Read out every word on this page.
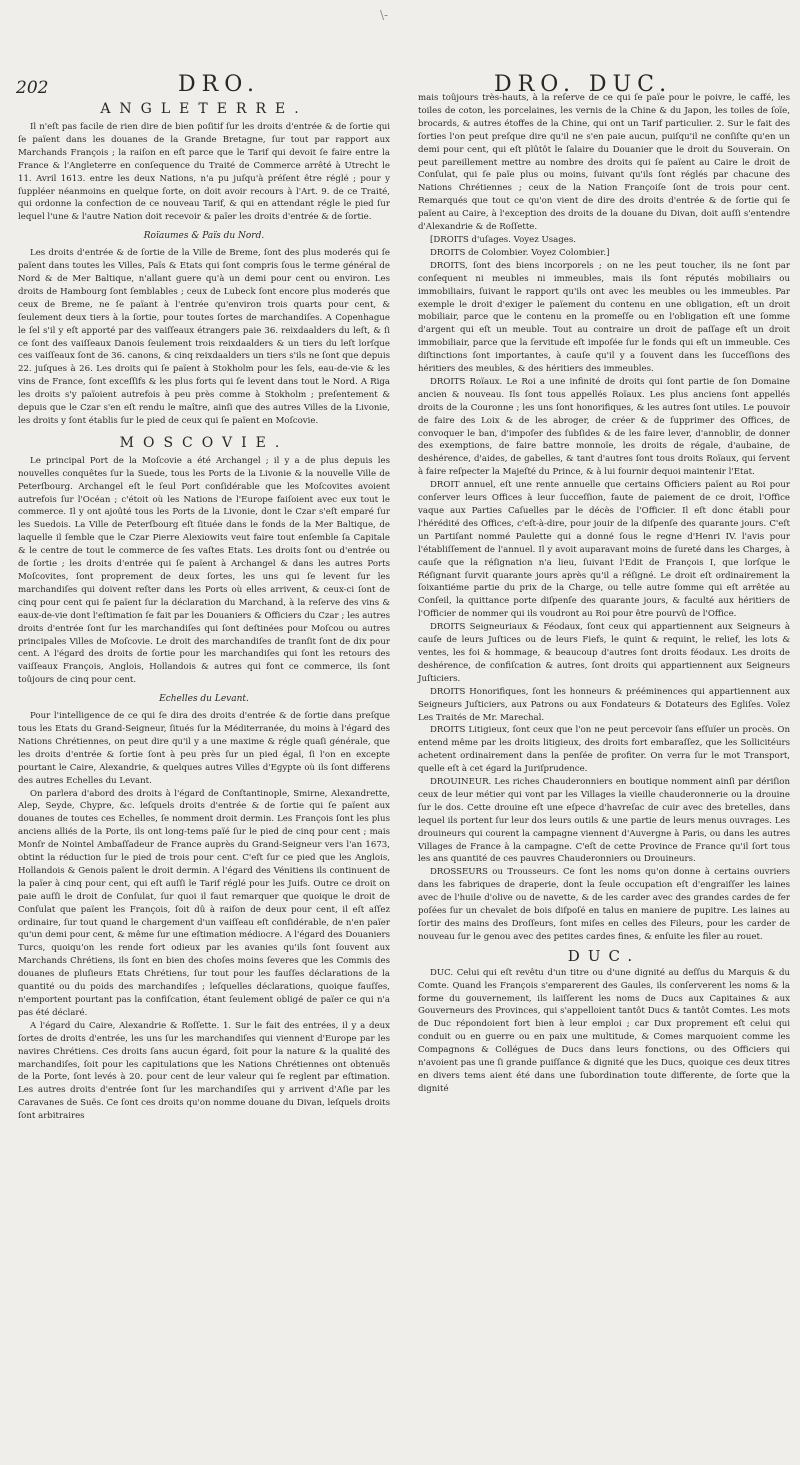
\-
202	DRO.	DRO. DUC.
ANGLETERRE.

Il n'eſt pas facile de rien dire de bien poſitif ſur les droits d'entrée & de ſortie qui ſe païent dans les douanes de la Grande Bretagne, ſur tout par rapport aux Marchands François ; la raiſon en eſt parce que le Tarif qui devoit ſe faire entre la France & l'Angleterre en conſequence du Traité de Commerce arrêté à Utrecht le 11. Avril 1613. entre les deux Nations, n'a pu juſqu'à préſent être réglé ; pour y ſuppléer néanmoins en quelque ſorte, on doit avoir recours à l'Art. 9. de ce Traité, qui ordonne la confection de ce nouveau Tarif, & qui en attendant régle le pied ſur lequel l'une & l'autre Nation doit recevoir & païer les droits d'entrée & de ſortie.

Roïaumes & Païs du Nord.

Les droits d'entrée & de ſortie de la Ville de Breme, ſont des plus moderés qui ſe païent dans toutes les Villes, Païs & Etats qui ſont compris ſous le terme général de Nord & de Mer Baltique, n'allant guere qu'à un demi pour cent ou environ. Les droits de Hambourg ſont ſemblables ; ceux de Lubeck ſont encore plus moderés que ceux de Breme, ne ſe païant à l'entrée qu'environ trois quarts pour cent, & ſeulement deux tiers à la ſortie, pour toutes ſortes de marchandiſes. A Copenhague le ſel s'il y eſt apporté par des vaiſſeaux étrangers paie 36. reixdaalders du leſt, & ſi ce ſont des vaiſſeaux Danois ſeulement trois reixdaalders & un tiers du leſt lorſque ces vaiſſeaux ſont de 36. canons, & cinq reixdaalders un tiers s'ils ne ſont que depuis 22. juſques à 26. Les droits qui ſe païent à Stokholm pour les ſels, eau-de-vie & les vins de France, ſont exceſſifs & les plus forts qui ſe levent dans tout le Nord. A Riga les droits s'y païoient autrefois à peu près comme à Stokholm ; preſentement & depuis que le Czar s'en eſt rendu le maître, ainſi que des autres Villes de la Livonie, les droits y ſont établis ſur le pied de ceux qui ſe païent en Moſcovie.

MOSCOVIE.

Le principal Port de la Moſcovie a été Archangel ; il y a de plus depuis les nouvelles conquêtes ſur la Suede, tous les Ports de la Livonie & la nouvelle Ville de Peterſbourg. Archangel eſt le ſeul Port conſidérable que les Moſcovites avoient autrefois ſur l'Océan ; c'étoit où les Nations de l'Europe faiſoient avec eux tout le commerce. Il y ont ajoûté tous les Ports de la Livonie, dont le Czar s'eſt emparé ſur les Suedois. La Ville de Peterſbourg eſt ſituée dans le fonds de la Mer Baltique, de laquelle il ſemble que le Czar Pierre Alexiowits veut faire tout enſemble ſa Capitale & le centre de tout le commerce de ſes vaſtes Etats. Les droits ſont ou d'entrée ou de ſortie ; les droits d'entrée qui ſe païent à Archangel & dans les autres Ports Moſcovites, ſont proprement de deux ſortes, les uns qui ſe levent ſur les marchandiſes qui doivent reſter dans les Ports où elles arrivent, & ceux-ci ſont de cinq pour cent qui ſe païent ſur la déclaration du Marchand, à la reſerve des vins & eaux-de-vie dont l'eſtimation ſe fait par les Douaniers & Officiers du Czar ; les autres droits d'entrée ſont ſur les marchandiſes qui ſont deſtinées pour Moſcou ou autres principales Villes de Moſcovie. Le droit des marchandiſes de tranſit ſont de dix pour cent. A l'égard des droits de ſortie pour les marchandiſes qui ſont les retours des vaiſſeaux François, Anglois, Hollandois & autres qui font ce commerce, ils ſont toûjours de cinq pour cent.

Echelles du Levant.

Pour l'intelligence de ce qui ſe dira des droits d'entrée & de ſortie dans preſque tous les Etats du Grand-Seigneur, ſitués ſur la Méditerranée, du moins à l'égard des Nations Chrétiennes, on peut dire qu'il y a une maxime & régle quaſi générale, que les droits d'entrée & ſortie ſont à peu près ſur un pied égal, ſi l'on en excepte pourtant le Caire, Alexandrie, & quelques autres Villes d'Egypte où ils ſont differens des autres Echelles du Levant.

On parlera d'abord des droits à l'égard de Conſtantinople, Smirne, Alexandrette, Alep, Seyde, Chypre, &c. leſquels droits d'entrée & de ſortie qui ſe païent aux douanes de toutes ces Echelles, ſe nomment droit dermin. Les François ſont les plus anciens alliés de la Porte, ils ont long-tems païé ſur le pied de cinq pour cent ; mais Monſr de Nointel Ambaſſadeur de France auprès du Grand-Seigneur vers l'an 1673, obtint la réduction ſur le pied de trois pour cent. C'eſt ſur ce pied que les Anglois, Hollandois & Genois païent le droit dermin. A l'égard des Vénitiens ils continuent de la païer à cinq pour cent, qui eſt auſſi le Tarif réglé pour les Juifs. Outre ce droit on paie auſſi le droit de Conſulat, ſur quoi il faut remarquer que quoique le droit de Conſulat que païent les François, ſoit dû à raiſon de deux pour cent, il eſt aſſez ordinaire, ſur tout quand le chargement d'un vaiſſeau eſt conſidérable, de n'en païer qu'un demi pour cent, & même ſur une eſtimation médiocre. A l'égard des Douaniers Turcs, quoiqu'on les rende fort odieux par les avanies qu'ils ſont ſouvent aux Marchands Chrétiens, ils ſont en bien des choſes moins ſeveres que les Commis des douanes de pluſieurs Etats Chrétiens, ſur tout pour les fauſſes déclarations de la quantité ou du poids des marchandiſes ; leſquelles déclarations, quoique fauſſes, n'emportent pourtant pas la confiſcation, étant ſeulement obligé de païer ce qui n'a pas été déclaré.

A l'égard du Caire, Alexandrie & Roſſette. 1. Sur le fait des entrées, il y a deux ſortes de droits d'entrée, les uns ſur les marchandiſes qui viennent d'Europe par les navires Chrétiens. Ces droits ſans aucun égard, ſoit pour la nature & la qualité des marchandiſes, ſoit pour les capitulations que les Nations Chrétiennes ont obtenuës de la Porte, ſont levés à 20. pour cent de leur valeur qui ſe reglent par eſtimation. Les autres droits d'entrée ſont ſur les marchandiſes qui y arrivent d'Aſie par les Caravanes de Suës. Ce ſont ces droits qu'on nomme douane du Divan, leſquels droits ſont arbitraires

mais toûjours très-hauts, à la reſerve de ce qui ſe païe pour le poivre, le caffé, les toiles de coton, les porcelaines, les vernis de la Chine & du Japon, les toiles de ſoïe, brocards, & autres étoffes de la Chine, qui ont un Tarif particulier. 2. Sur le fait des ſorties l'on peut preſque dire qu'il ne s'en paie aucun, puiſqu'il ne conſiſte qu'en un demi pour cent, qui eſt plûtôt le ſalaire du Douanier que le droit du Souverain. On peut pareillement mettre au nombre des droits qui ſe païent au Caire le droit de Conſulat, qui ſe païe plus ou moins, ſuivant qu'ils ſont réglés par chacune des Nations Chrétiennes ; ceux de la Nation Françoiſe ſont de trois pour cent. Remarqués que tout ce qu'on vient de dire des droits d'entrée & de ſortie qui ſe païent au Caire, à l'exception des droits de la douane du Divan, doit auſſi s'entendre d'Alexandrie & de Roſſette.

[DROITS d'uſages. Voyez Usages.

DROITS de Colombier. Voyez Colombier.]

DROITS, ſont des biens incorporels ; on ne les peut toucher, ils ne ſont par conſequent ni meubles ni immeubles, mais ils ſont réputés mobiliairs ou immobiliairs, ſuivant le rapport qu'ils ont avec les meubles ou les immeubles. Par exemple le droit d'exiger le païement du contenu en une obligation, eſt un droit mobiliair, parce que le contenu en la promeſſe ou en l'obligation eſt une ſomme d'argent qui eſt un meuble. Tout au contraire un droit de paſſage eſt un droit immobiliair, parce que la ſervitude eſt impoſée ſur le fonds qui eſt un immeuble. Ces diſtinctions ſont importantes, à cauſe qu'il y a ſouvent dans les ſucceſſions des héritiers des meubles, & des héritiers des immeubles.

DROITS Roïaux. Le Roi a une infinité de droits qui ſont partie de ſon Domaine ancien & nouveau. Ils ſont tous appellés Roïaux. Les plus anciens ſont appellés droits de la Couronne ; les uns ſont honorifiques, & les autres ſont utiles. Le pouvoir de faire des Loix & de les abroger, de créer & de ſupprimer des Offices, de convoquer le ban, d'impoſer des ſubſides & de les faire lever, d'annoblir, de donner des exemptions, de faire battre monnoïe, les droits de régale, d'aubaine, de deshérence, d'aides, de gabelles, & tant d'autres ſont tous droits Roïaux, qui ſervent à faire reſpecter la Majeſté du Prince, & à lui fournir dequoi maintenir l'Etat.

DROIT annuel, eſt une rente annuelle que certains Officiers païent au Roi pour conſerver leurs Offices à leur ſucceſſion, faute de paiement de ce droit, l'Office vaque aux Parties Caſuelles par le décès de l'Officier. Il eſt donc établi pour l'hérédité des Offices, c'eſt-à-dire, pour jouir de la diſpenſe des quarante jours. C'eſt un Partiſant nommé Paulette qui a donné ſous le regne d'Henri IV. l'avis pour l'établiſſement de l'annuel. Il y avoit auparavant moins de ſureté dans les Charges, à cauſe que la réſignation n'a lieu, ſuivant l'Edit de François I, que lorſque le Réſignant ſurvit quarante jours après qu'il a réſigné. Le droit eſt ordinairement la ſoixantiéme partie du prix de la Charge, ou telle autre ſomme qui eſt arrêtée au Conſeil, la quittance porte diſpenſe des quarante jours, & faculté aux héritiers de l'Officier de nommer qui ils voudront au Roi pour être pourvû de l'Office.

DROITS Seigneuriaux & Féodaux, ſont ceux qui appartiennent aux Seigneurs à cauſe de leurs Juſtices ou de leurs Fiefs, le quint & requint, le relief, les lots & ventes, les foi & hommage, & beaucoup d'autres ſont droits féodaux. Les droits de deshérence, de confiſcation & autres, ſont droits qui appartiennent aux Seigneurs Juſticiers.

DROITS Honorifiques, ſont les honneurs & prééminences qui appartiennent aux Seigneurs Juſticiers, aux Patrons ou aux Fondateurs & Dotateurs des Egliſes. Voïez Les Traités de Mr. Marechal.

DROITS Litigieux, ſont ceux que l'on ne peut percevoir ſans eſſuïer un procès. On entend même par les droits litigieux, des droits fort embaraſſez, que les Sollicitéurs achetent ordinairement dans la penſée de profiter. On verra ſur le mot Transport, quelle eſt à cet égard la Juriſprudence.

DROUINEUR. Les riches Chauderonniers en boutique nomment ainſi par dériſion ceux de leur métier qui vont par les Villages la vieille chauderonnerie ou la drouine ſur le dos. Cette drouine eſt une eſpece d'havreſac de cuir avec des bretelles, dans lequel ils portent ſur leur dos leurs outils & une partie de leurs menus ouvrages. Les drouineurs qui courent la campagne viennent d'Auvergne à Paris, ou dans les autres Villages de France à la campagne. C'eſt de cette Province de France qu'il ſort tous les ans quantité de ces pauvres Chauderonniers ou Drouineurs.

DROSSEURS ou Trousseurs. Ce ſont les noms qu'on donne à certains ouvriers dans les fabriques de draperie, dont la ſeule occupation eſt d'engraiſſer les laines avec de l'huile d'olive ou de navette, & de les carder avec des grandes cardes de fer poſées ſur un chevalet de bois diſpoſé en talus en maniere de pupitre. Les laines au ſortir des mains des Droſſeurs, ſont miſes en celles des Fileurs, pour les carder de nouveau ſur le genou avec des petites cardes fines, & enſuite les filer au rouet.

DUC.

DUC. Celui qui eſt revêtu d'un titre ou d'une dignité au deſſus du Marquis & du Comte. Quand les François s'emparerent des Gaules, ils conſerverent les noms & la forme du gouvernement, ils laiſſerent les noms de Ducs aux Capitaines & aux Gouverneurs des Provinces, qui s'appelloient tantôt Ducs & tantôt Comtes. Les mots de Duc répondoient fort bien à leur emploi ; car Dux proprement eſt celui qui conduit ou en guerre ou en paix une multitude, & Comes marquoient comme les Compagnons & Collégues de Ducs dans leurs fonctions, ou des Officiers qui n'avoient pas une ſi grande puiſſance & dignité que les Ducs, quoique ces deux titres en divers tems aient été dans une ſubordination toute differente, de ſorte que la dignité
